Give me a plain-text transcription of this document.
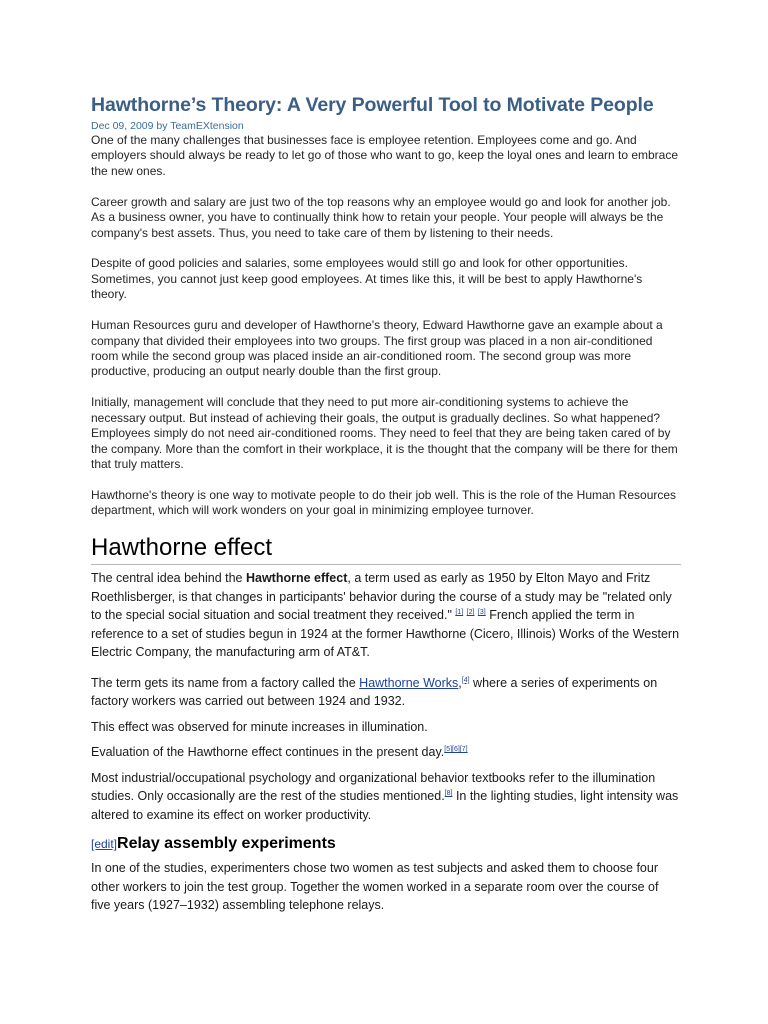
Hawthorne’s Theory: A Very Powerful Tool to Motivate People

Dec 09, 2009 by TeamEXtension

One of the many challenges that businesses face is employee retention. Employees come and go. And employers should always be ready to let go of those who want to go, keep the loyal ones and learn to embrace the new ones.

Career growth and salary are just two of the top reasons why an employee would go and look for another job. As a business owner, you have to continually think how to retain your people. Your people will always be the company's best assets. Thus, you need to take care of them by listening to their needs.

Despite of good policies and salaries, some employees would still go and look for other opportunities. Sometimes, you cannot just keep good employees. At times like this, it will be best to apply Hawthorne's theory.

Human Resources guru and developer of Hawthorne's theory, Edward Hawthorne gave an example about a company that divided their employees into two groups. The first group was placed in a non air-conditioned room while the second group was placed inside an air-conditioned room. The second group was more productive, producing an output nearly double than the first group.

Initially, management will conclude that they need to put more air-conditioning systems to achieve the necessary output. But instead of achieving their goals, the output is gradually declines. So what happened? Employees simply do not need air-conditioned rooms. They need to feel that they are being taken cared of by the company. More than the comfort in their workplace, it is the thought that the company will be there for them that truly matters.

Hawthorne's theory is one way to motivate people to do their job well. This is the role of the Human Resources department, which will work wonders on your goal in minimizing employee turnover.

Hawthorne effect

The central idea behind the Hawthorne effect, a term used as early as 1950 by Elton Mayo and Fritz Roethlisberger, is that changes in participants' behavior during the course of a study may be "related only to the special social situation and social treatment they received." [1] [2] [3] French applied the term in reference to a set of studies begun in 1924 at the former Hawthorne (Cicero, Illinois) Works of the Western Electric Company, the manufacturing arm of AT&T.

The term gets its name from a factory called the Hawthorne Works,[4] where a series of experiments on factory workers was carried out between 1924 and 1932.

This effect was observed for minute increases in illumination.

Evaluation of the Hawthorne effect continues in the present day.[5][6][7]

Most industrial/occupational psychology and organizational behavior textbooks refer to the illumination studies. Only occasionally are the rest of the studies mentioned.[8] In the lighting studies, light intensity was altered to examine its effect on worker productivity.

[edit]Relay assembly experiments

In one of the studies, experimenters chose two women as test subjects and asked them to choose four other workers to join the test group. Together the women worked in a separate room over the course of five years (1927–1932) assembling telephone relays.
